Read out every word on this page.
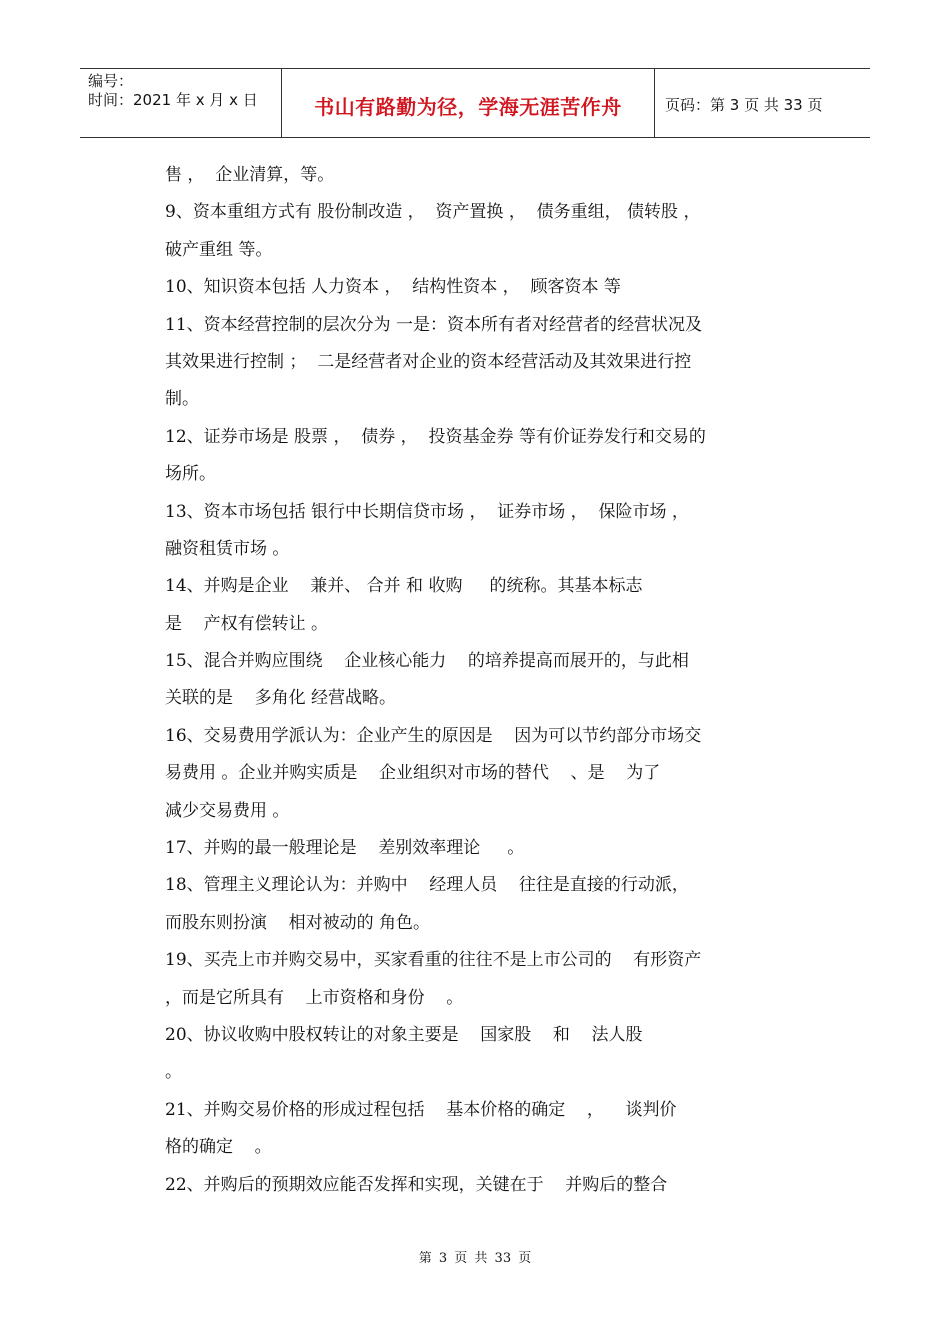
编号：
时间：2021 年 x 月 x 日	书山有路勤为径，学海无涯苦作舟	页码：第 3 页 共 33 页
售 ，  企业清算，等。
9、资本重组方式有 股份制改造 ，  资产置换 ，  债务重组， 债转股 ，
破产重组 等。
10、知识资本包括 人力资本 ，  结构性资本 ，  顾客资本 等
11、资本经营控制的层次分为 一是：资本所有者对经营者的经营状况及
其效果进行控制 ；  二是经营者对企业的资本经营活动及其效果进行控
制。
12、证券市场是 股票 ，  债券 ，  投资基金券 等有价证券发行和交易的
场所。
13、资本市场包括 银行中长期信贷市场 ，  证券市场 ，  保险市场 ，
融资租赁市场 。
14、并购是企业    兼并、 合并 和 收购     的统称。其基本标志
是    产权有偿转让 。
15、混合并购应围绕    企业核心能力    的培养提高而展开的，与此相
关联的是    多角化 经营战略。
16、交易费用学派认为：企业产生的原因是    因为可以节约部分市场交
易费用 。企业并购实质是    企业组织对市场的替代    、是    为了
减少交易费用 。
17、并购的最一般理论是    差别效率理论     。
18、管理主义理论认为：并购中    经理人员    往往是直接的行动派，
而股东则扮演    相对被动的 角色。
19、买壳上市并购交易中，买家看重的往往不是上市公司的    有形资产
，而是它所具有    上市资格和身份    。
20、协议收购中股权转让的对象主要是    国家股    和    法人股
。
21、并购交易价格的形成过程包括    基本价格的确定    ，    谈判价
格的确定    。
22、并购后的预期效应能否发挥和实现，关键在于    并购后的整合
第 3 页 共 33 页
